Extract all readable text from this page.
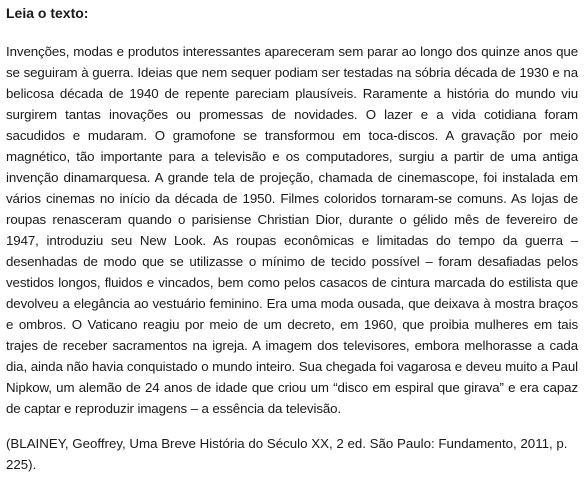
Leia o texto:

Invenções, modas e produtos interessantes apareceram sem parar ao longo dos quinze anos que se seguiram à guerra. Ideias que nem sequer podiam ser testadas na sóbria década de 1930 e na belicosa década de 1940 de repente pareciam plausíveis. Raramente a história do mundo viu surgirem tantas inovações ou promessas de novidades. O lazer e a vida cotidiana foram sacudidos e mudaram. O gramofone se transformou em toca-discos. A gravação por meio magnético, tão importante para a televisão e os computadores, surgiu a partir de uma antiga invenção dinamarquesa. A grande tela de projeção, chamada de cinemascope, foi instalada em vários cinemas no início da década de 1950. Filmes coloridos tornaram-se comuns. As lojas de roupas renasceram quando o parisiense Christian Dior, durante o gélido mês de fevereiro de 1947, introduziu seu New Look. As roupas econômicas e limitadas do tempo da guerra – desenhadas de modo que se utilizasse o mínimo de tecido possível – foram desafiadas pelos vestidos longos, fluidos e vincados, bem como pelos casacos de cintura marcada do estilista que devolveu a elegância ao vestuário feminino. Era uma moda ousada, que deixava à mostra braços e ombros. O Vaticano reagiu por meio de um decreto, em 1960, que proibia mulheres em tais trajes de receber sacramentos na igreja. A imagem dos televisores, embora melhorasse a cada dia, ainda não havia conquistado o mundo inteiro. Sua chegada foi vagarosa e deveu muito a Paul Nipkow, um alemão de 24 anos de idade que criou um “disco em espiral que girava” e era capaz de captar e reproduzir imagens – a essência da televisão.

(BLAINEY, Geoffrey, Uma Breve História do Século XX, 2 ed. São Paulo: Fundamento, 2011, p. 225).
